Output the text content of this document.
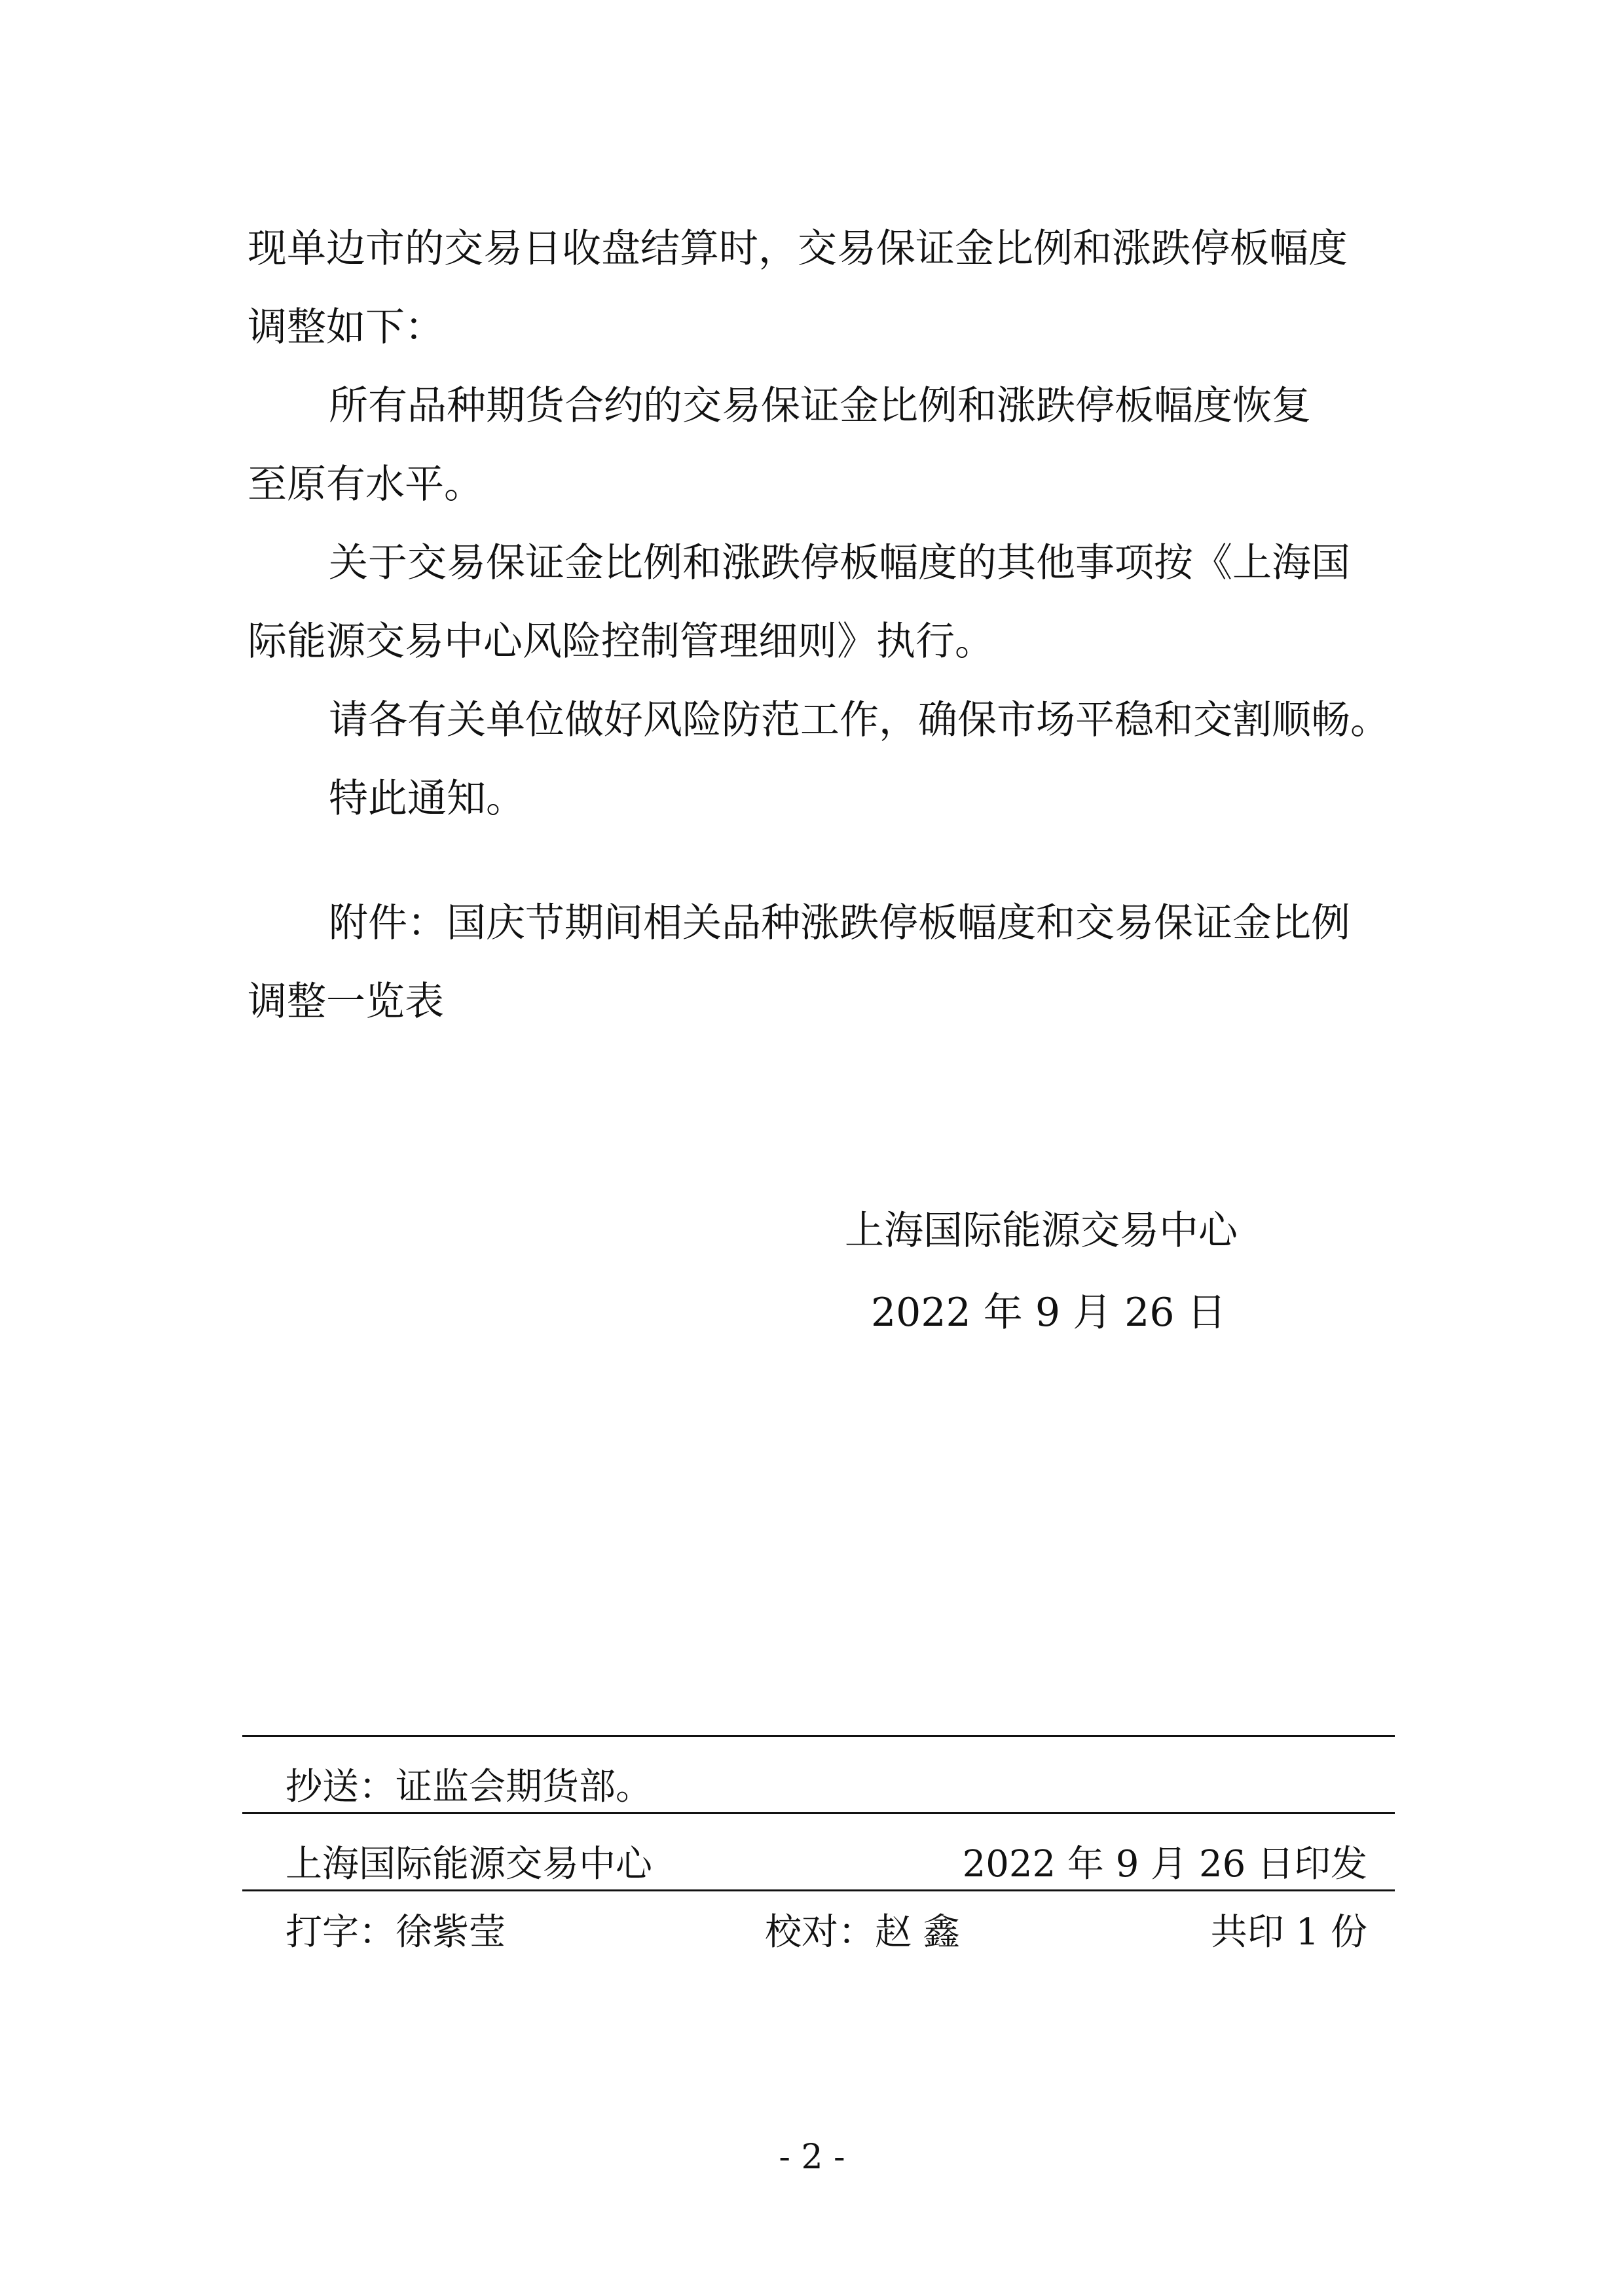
现单边市的交易日收盘结算时，交易保证金比例和涨跌停板幅度
调整如下：
所有品种期货合约的交易保证金比例和涨跌停板幅度恢复
至原有水平。
关于交易保证金比例和涨跌停板幅度的其他事项按《上海国
际能源交易中心风险控制管理细则》执行。
请各有关单位做好风险防范工作，确保市场平稳和交割顺畅。
特此通知。
附件：国庆节期间相关品种涨跌停板幅度和交易保证金比例
调整一览表
上海国际能源交易中心
2022 年 9 月 26 日
抄送：证监会期货部。
上海国际能源交易中心	2022 年 9 月 26 日印发
打字：徐紫莹	校对：赵 鑫	共印 1 份
- 2 -
